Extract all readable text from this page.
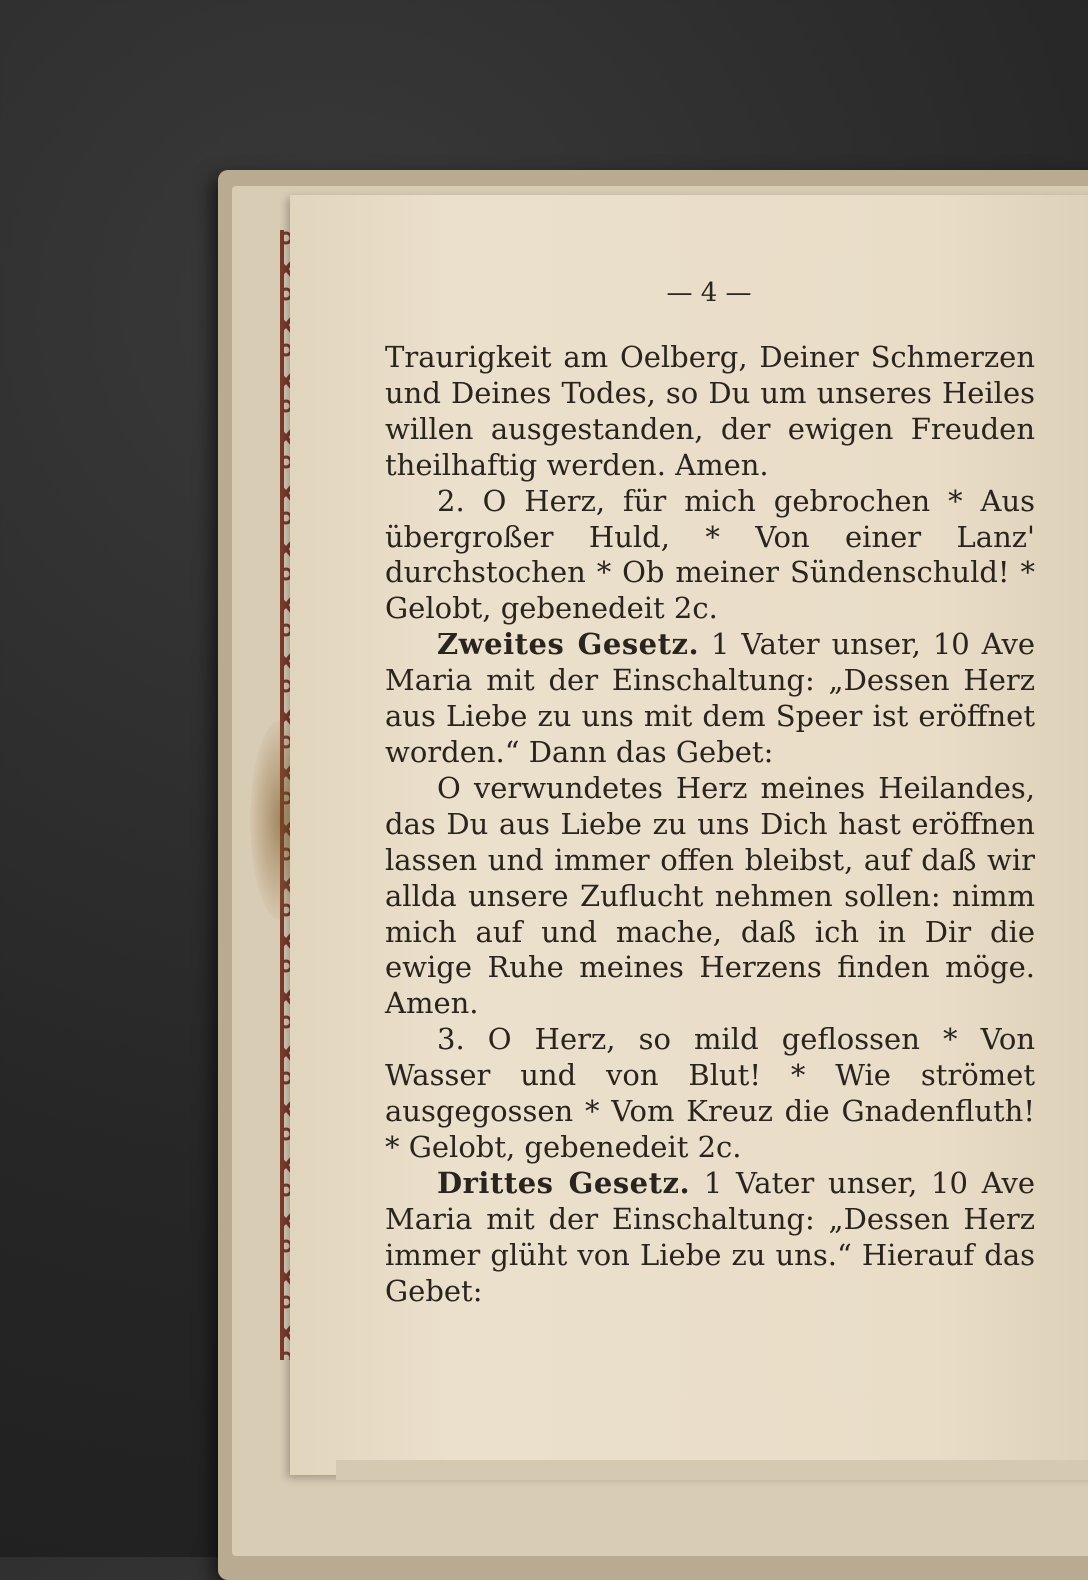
— 4 —

Traurigkeit am Oelberg, Deiner Schmerzen und Deines Todes, so Du um unseres Heiles willen ausgestanden, der ewigen Freuden theilhaftig werden. Amen.

2. O Herz, für mich gebrochen * Aus übergroßer Huld, * Von einer Lanz' durchstochen * Ob meiner Sündenschuld! * Gelobt, gebenedeit 2c.

Zweites Gesetz. 1 Vater unser, 10 Ave Maria mit der Einschaltung: „Dessen Herz aus Liebe zu uns mit dem Speer ist eröffnet worden.“ Dann das Gebet:

O verwundetes Herz meines Heilandes, das Du aus Liebe zu uns Dich hast eröffnen lassen und immer offen bleibst, auf daß wir allda unsere Zuflucht nehmen sollen: nimm mich auf und mache, daß ich in Dir die ewige Ruhe meines Herzens finden möge. Amen.

3. O Herz, so mild geflossen * Von Wasser und von Blut! * Wie strömet ausgegossen * Vom Kreuz die Gnadenfluth! * Gelobt, gebenedeit 2c.

Drittes Gesetz. 1 Vater unser, 10 Ave Maria mit der Einschaltung: „Dessen Herz immer glüht von Liebe zu uns.“ Hierauf das Gebet:
